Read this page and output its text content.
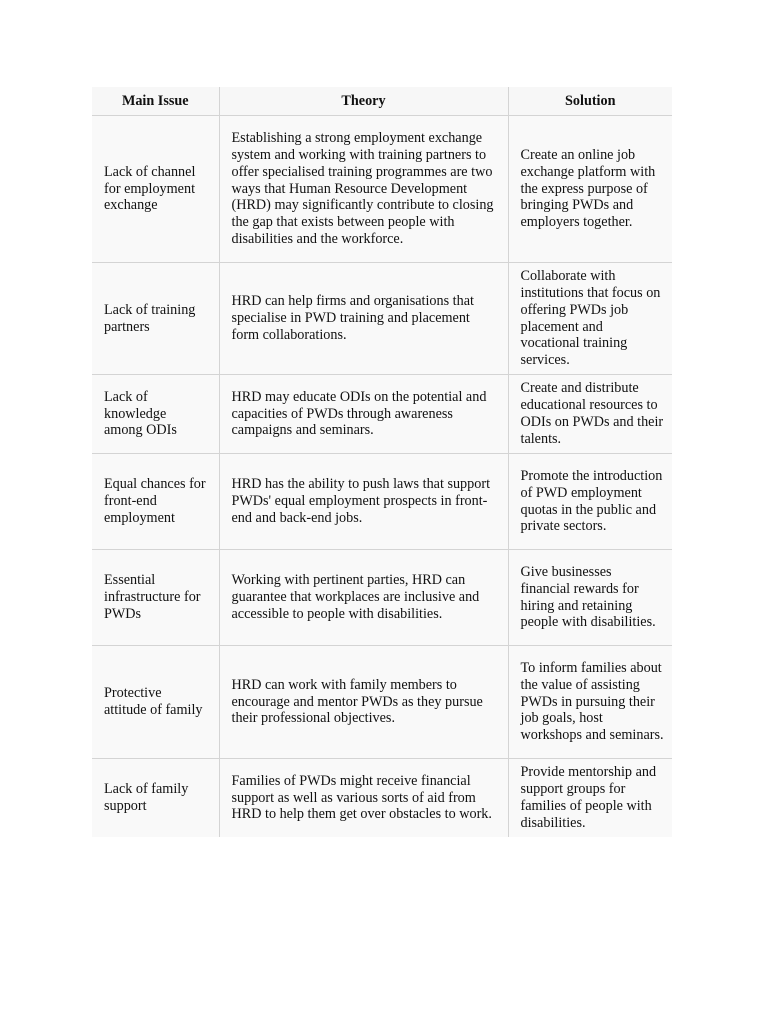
Main Issue	Theory	Solution
Lack of channel for employment exchange	Establishing a strong employment exchange system and working with training partners to offer specialised training programmes are two ways that Human Resource Development (HRD) may significantly contribute to closing the gap that exists between people with disabilities and the workforce.	Create an online job exchange platform with the express purpose of bringing PWDs and employers together.
Lack of training partners	HRD can help firms and organisations that specialise in PWD training and placement form collaborations.	Collaborate with institutions that focus on offering PWDs job placement and vocational training services.
Lack of knowledge among ODIs	HRD may educate ODIs on the potential and capacities of PWDs through awareness campaigns and seminars.	Create and distribute educational resources to ODIs on PWDs and their talents.
Equal chances for front-end employment	HRD has the ability to push laws that support PWDs' equal employment prospects in front-end and back-end jobs.	Promote the introduction of PWD employment quotas in the public and private sectors.
Essential infrastructure for PWDs	Working with pertinent parties, HRD can guarantee that workplaces are inclusive and accessible to people with disabilities.	Give businesses financial rewards for hiring and retaining people with disabilities.
Protective attitude of family	HRD can work with family members to encourage and mentor PWDs as they pursue their professional objectives.	To inform families about the value of assisting PWDs in pursuing their job goals, host workshops and seminars.
Lack of family support	Families of PWDs might receive financial support as well as various sorts of aid from HRD to help them get over obstacles to work.	Provide mentorship and support groups for families of people with disabilities.
